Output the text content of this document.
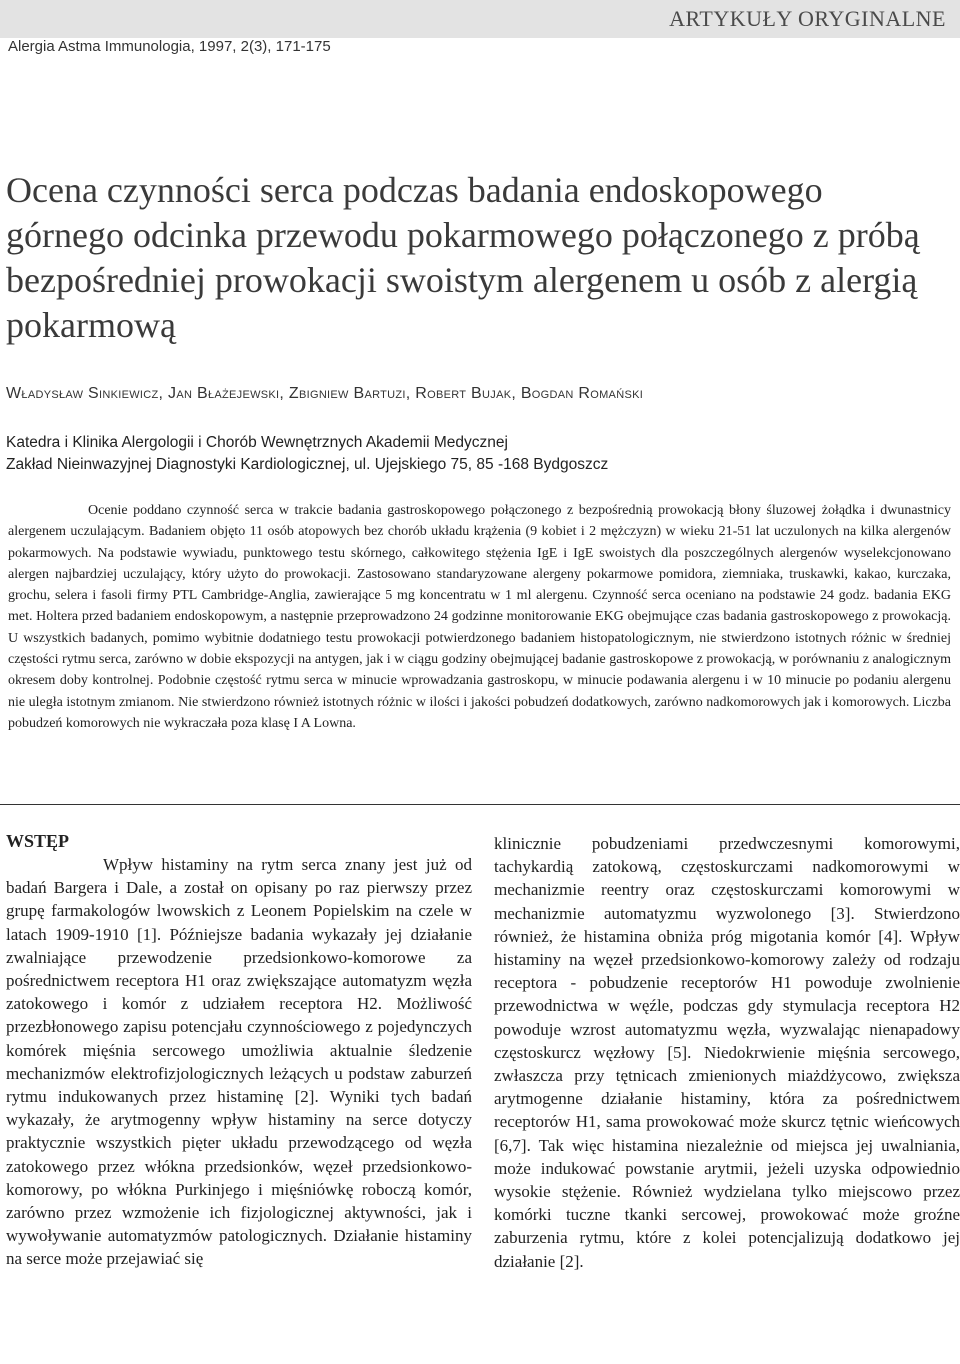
ARTYKUŁY ORYGINALNE
Alergia Astma Immunologia, 1997, 2(3), 171-175
Ocena czynności serca podczas badania endoskopowego górnego odcinka przewodu pokarmowego połączonego z próbą bezpośredniej prowokacji swoistym alergenem u osób z alergią pokarmową
Władysław Sinkiewicz, Jan Błażejewski, Zbigniew Bartuzi, Robert Bujak, Bogdan Romański
Katedra i Klinika Alergologii i Chorób Wewnętrznych Akademii Medycznej
Zakład Nieinwazyjnej Diagnostyki Kardiologicznej, ul. Ujejskiego 75, 85 -168 Bydgoszcz

Ocenie poddano czynność serca w trakcie badania gastroskopowego połączonego z bezpośrednią prowokacją błony śluzowej żołądka i dwunastnicy alergenem uczulającym. Badaniem objęto 11 osób atopowych bez chorób układu krążenia (9 kobiet i 2 mężczyzn) w wieku 21-51 lat uczulonych na kilka alergenów pokarmowych. Na podstawie wywiadu, punktowego testu skórnego, całkowitego stężenia IgE i IgE swoistych dla poszczególnych alergenów wyselekcjonowano alergen najbardziej uczulający, który użyto do prowokacji. Zastosowano standaryzowane alergeny pokarmowe pomidora, ziemniaka, truskawki, kakao, kurczaka, grochu, selera i fasoli firmy PTL Cambridge-Anglia, zawierające 5 mg koncentratu w 1 ml alergenu. Czynność serca oceniano na podstawie 24 godz. badania EKG met. Holtera przed badaniem endoskopowym, a następnie przeprowadzono 24 godzinne monitorowanie EKG obejmujące czas badania gastroskopowego z prowokacją. U wszystkich badanych, pomimo wybitnie dodatniego testu prowokacji potwierdzonego badaniem histopatologicznym, nie stwierdzono istotnych różnic w średniej częstości rytmu serca, zarówno w dobie ekspozycji na antygen, jak i w ciągu godziny obejmującej badanie gastroskopowe z prowokacją, w porównaniu z analogicznym okresem doby kontrolnej. Podobnie częstość rytmu serca w minucie wprowadzania gastroskopu, w minucie podawania alergenu i w 10 minucie po podaniu alergenu nie uległa istotnym zmianom. Nie stwierdzono również istotnych różnic w ilości i jakości pobudzeń dodatkowych, zarówno nadkomorowych jak i komorowych. Liczba pobudzeń komorowych nie wykraczała poza klasę I A Lowna.

WSTĘP

Wpływ histaminy na rytm serca znany jest już od badań Bargera i Dale, a został on opisany po raz pierwszy przez grupę farmakologów lwowskich z Leonem Popielskim na czele w latach 1909-1910 [1]. Późniejsze badania wykazały jej działanie zwalniające przewodzenie przedsionkowo-komorowe za pośrednictwem receptora H1 oraz zwiększające automatyzm węzła zatokowego i komór z udziałem receptora H2. Możliwość przezbłonowego zapisu potencjału czynnościowego z pojedynczych komórek mięśnia sercowego umożliwia aktualnie śledzenie mechanizmów elektrofizjologicznych leżących u podstaw zaburzeń rytmu indukowanych przez histaminę [2]. Wyniki tych badań wykazały, że arytmogenny wpływ histaminy na serce dotyczy praktycznie wszystkich pięter układu przewodzącego od węzła zatokowego przez włókna przedsionków, węzeł przedsionkowo-komorowy, po włókna Purkinjego i mięśniówkę roboczą komór, zarówno przez wzmożenie ich fizjologicznej aktywności, jak i wywoływanie automatyzmów patologicznych. Działanie histaminy na serce może przejawiać się

klinicznie pobudzeniami przedwczesnymi komorowymi, tachykardią zatokową, częstoskurczami nadkomorowymi w mechanizmie reentry oraz częstoskurczami komorowymi w mechanizmie automatyzmu wyzwolonego [3]. Stwierdzono również, że histamina obniża próg migotania komór [4]. Wpływ histaminy na węzeł przedsionkowo-komorowy zależy od rodzaju receptora - pobudzenie receptorów H1 powoduje zwolnienie przewodnictwa w węźle, podczas gdy stymulacja receptora H2 powoduje wzrost automatyzmu węzła, wyzwalając nienapadowy częstoskurcz węzłowy [5]. Niedokrwienie mięśnia sercowego, zwłaszcza przy tętnicach zmienionych miażdżycowo, zwiększa arytmogenne działanie histaminy, która za pośrednictwem receptorów H1, sama prowokować może skurcz tętnic wieńcowych [6,7]. Tak więc histamina niezależnie od miejsca jej uwalniania, może indukować powstanie arytmii, jeżeli uzyska odpowiednio wysokie stężenie. Również wydzielana tylko miejscowo przez komórki tuczne tkanki sercowej, prowokować może groźne zaburzenia rytmu, które z kolei potencjalizują dodatkowo jej działanie [2].
